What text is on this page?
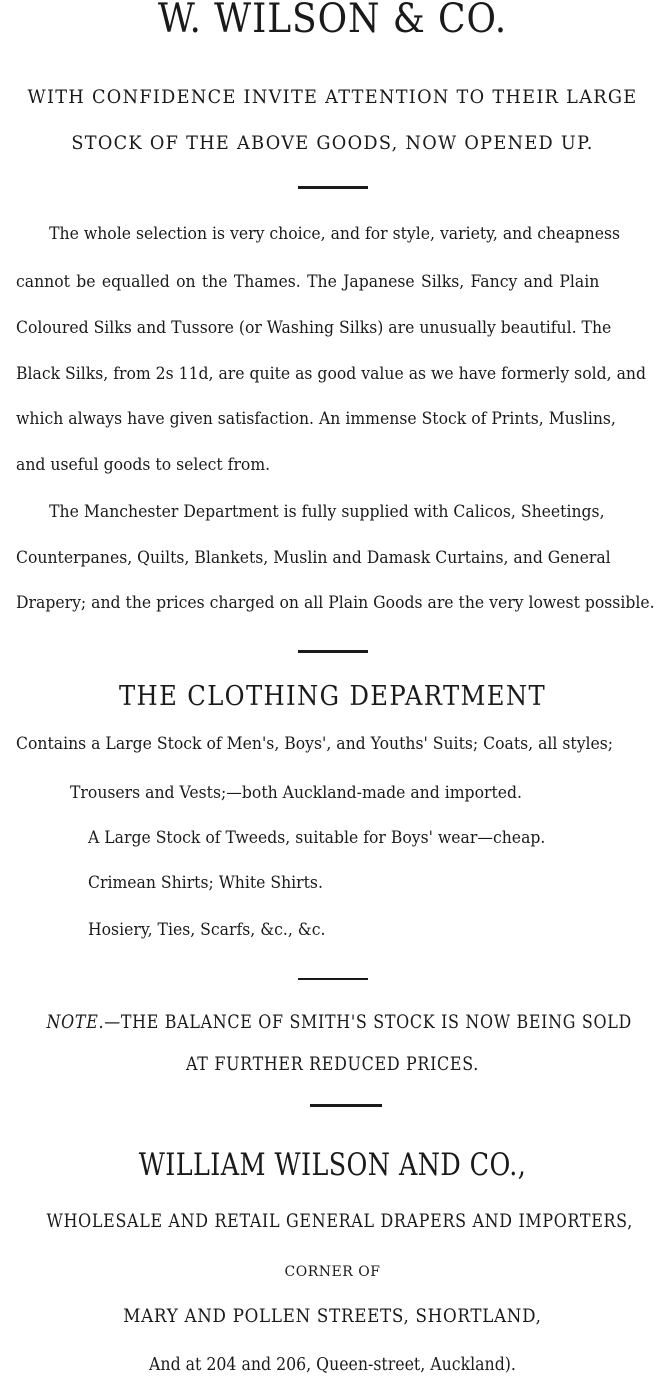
W. WILSON & CO.
WITH CONFIDENCE INVITE ATTENTION TO THEIR LARGE
STOCK OF THE ABOVE GOODS, NOW OPENED UP.
The whole selection is very choice, and for style, variety, and cheapness
cannot be equalled on the Thames. The Japanese Silks, Fancy and Plain
Coloured Silks and Tussore (or Washing Silks) are unusually beautiful. The
Black Silks, from 2s 11d, are quite as good value as we have formerly sold, and
which always have given satisfaction. An immense Stock of Prints, Muslins,
and useful goods to select from.
The Manchester Department is fully supplied with Calicos, Sheetings,
Counterpanes, Quilts, Blankets, Muslin and Damask Curtains, and General
Drapery; and the prices charged on all Plain Goods are the very lowest possible.
THE CLOTHING DEPARTMENT
Contains a Large Stock of Men's, Boys', and Youths' Suits; Coats, all styles;
Trousers and Vests;—both Auckland-made and imported.
A Large Stock of Tweeds, suitable for Boys' wear—cheap.
Crimean Shirts; White Shirts.
Hosiery, Ties, Scarfs, &c., &c.
NOTE.—THE BALANCE OF SMITH'S STOCK IS NOW BEING SOLD
AT FURTHER REDUCED PRICES.
WILLIAM WILSON AND CO.,
WHOLESALE AND RETAIL GENERAL DRAPERS AND IMPORTERS,
CORNER OF
MARY AND POLLEN STREETS, SHORTLAND,
And at 204 and 206, Queen-street, Auckland).
